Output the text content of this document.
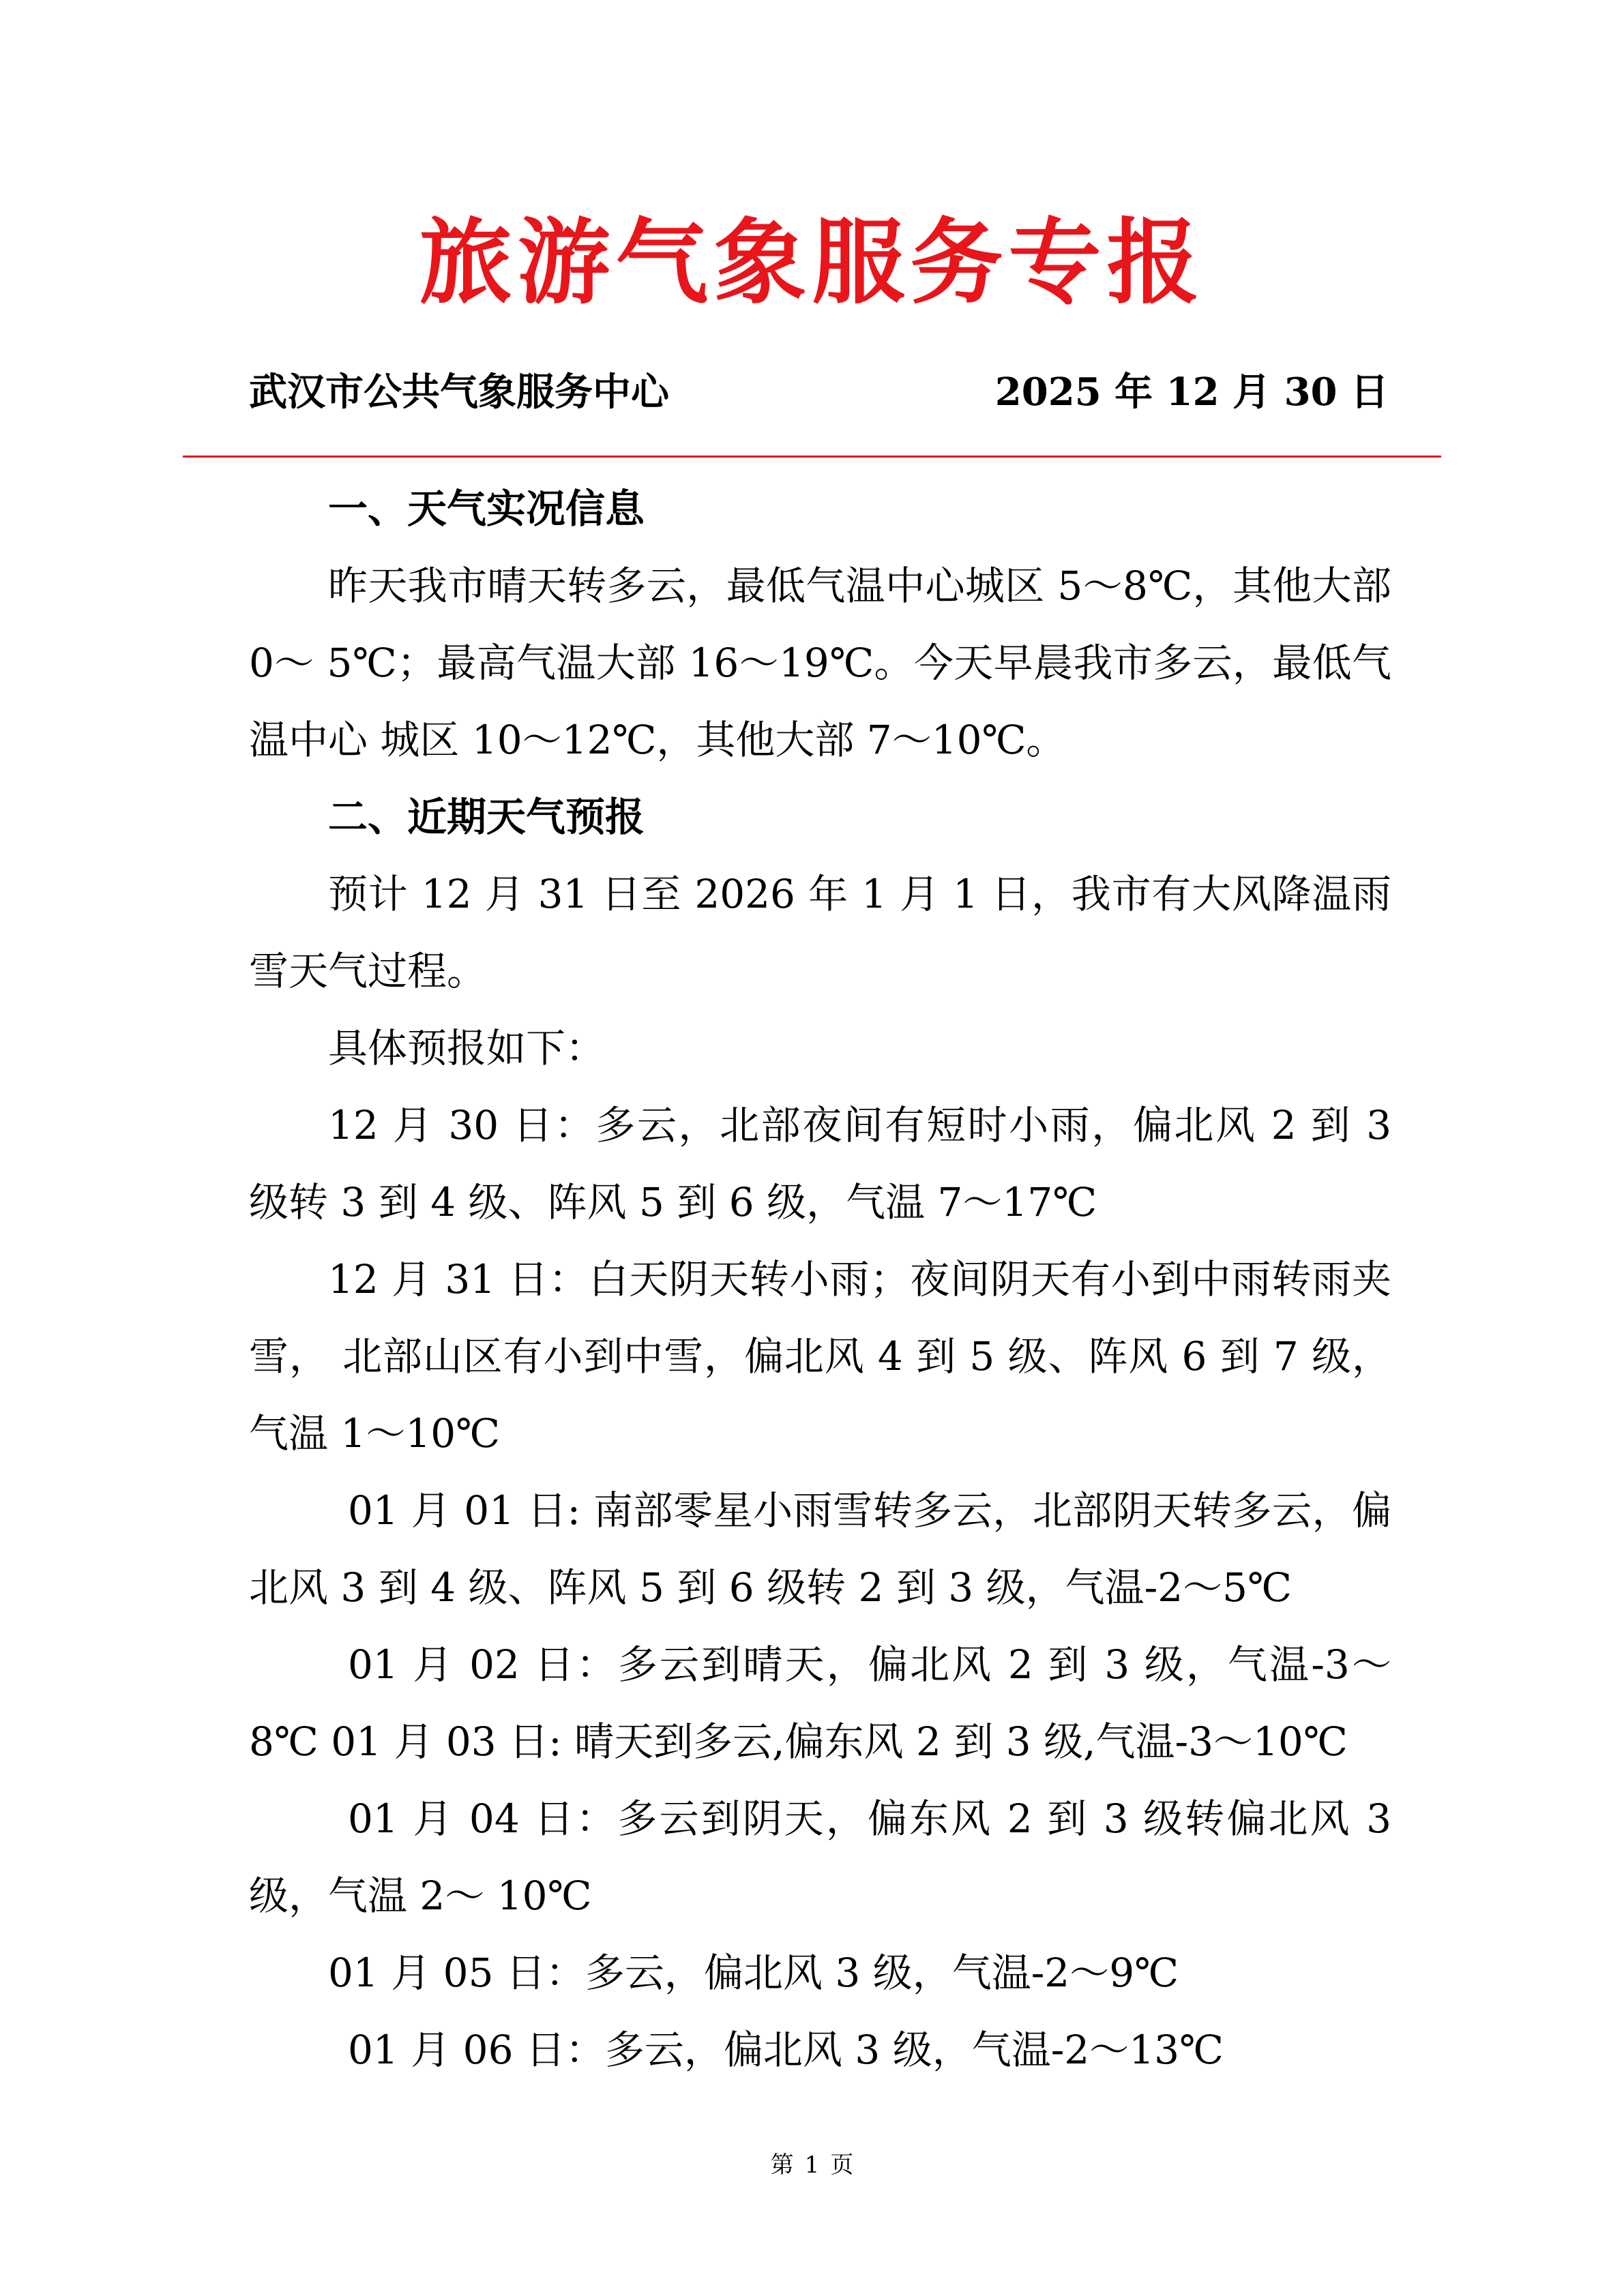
旅游气象服务专报
武汉市公共气象服务中心	2025 年 12 月 30 日

一、天气实况信息

昨天我市晴天转多云，最低气温中心城区 5～8℃，其他大部 0～ 5℃；最高气温大部 16～19℃。今天早晨我市多云，最低气温中心 城区 10～12℃，其他大部 7～10℃。

二、近期天气预报

预计 12 月 31 日至 2026 年 1 月 1 日，我市有大风降温雨雪天气过程。

具体预报如下：

12 月 30 日：多云，北部夜间有短时小雨，偏北风 2 到 3 级转 3 到 4 级、阵风 5 到 6 级，气温 7～17℃

12 月 31 日：白天阴天转小雨；夜间阴天有小到中雨转雨夹雪， 北部山区有小到中雪，偏北风 4 到 5 级、阵风 6 到 7 级，气温 1～10℃

01 月 01 日: 南部零星小雨雪转多云，北部阴天转多云，偏北风 3 到 4 级、阵风 5 到 6 级转 2 到 3 级，气温-2～5℃

01 月 02 日：多云到晴天，偏北风 2 到 3 级，气温-3～8℃ 01 月 03 日: 晴天到多云,偏东风 2 到 3 级,气温-3～10℃

01 月 04 日：多云到阴天，偏东风 2 到 3 级转偏北风 3 级，气温 2～ 10℃

01 月 05 日：多云，偏北风 3 级，气温-2～9℃

01 月 06 日：多云，偏北风 3 级，气温-2～13℃

第 1 页
